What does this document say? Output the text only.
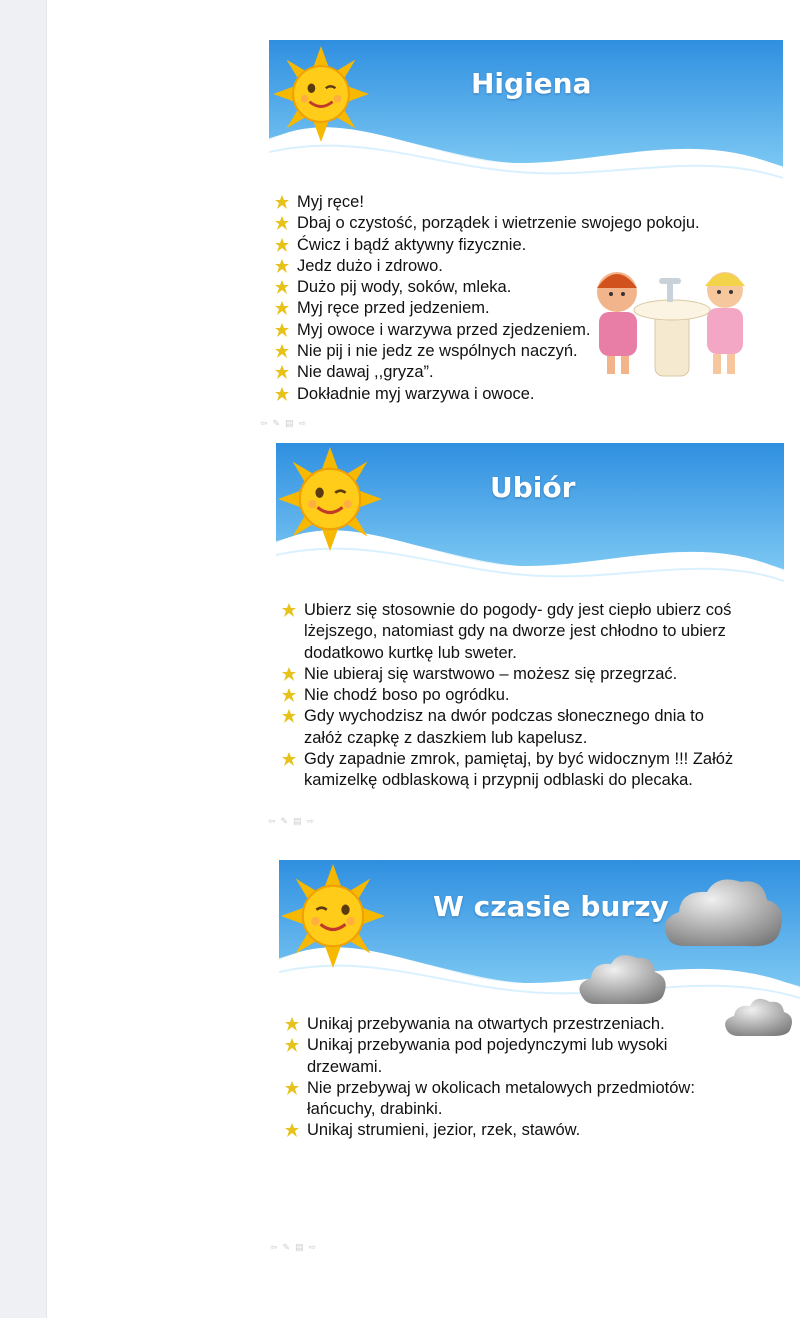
Higiena
Myj ręce!
Dbaj o czystość, porządek i wietrzenie swojego pokoju.
Ćwicz i bądź aktywny fizycznie.
Jedz dużo i zdrowo.
Dużo pij wody, soków, mleka.
Myj ręce przed jedzeniem.
Myj owoce i warzywa przed zjedzeniem.
Nie pij i nie jedz ze wspólnych naczyń.
Nie dawaj ,,gryza”.
Dokładnie myj warzywa i owoce.
⇦ ✎ ▤ ⇨
Ubiór
Ubierz się stosownie do pogody- gdy jest ciepło ubierz coś lżejszego, natomiast gdy na dworze jest chłodno to ubierz dodatkowo kurtkę lub sweter.
Nie ubieraj się warstwowo – możesz się przegrzać.
Nie chodź boso po ogródku.
Gdy wychodzisz na dwór podczas słonecznego dnia to załóż czapkę z daszkiem lub kapelusz.
Gdy zapadnie zmrok, pamiętaj, by być widocznym !!! Załóż kamizelkę odblaskową i przypnij odblaski do plecaka.
⇦ ✎ ▤ ⇨
W czasie burzy
Unikaj przebywania na otwartych przestrzeniach.
Unikaj przebywania pod pojedynczymi lub wysoki drzewami.
Nie przebywaj w okolicach metalowych przedmiotów: łańcuchy, drabinki.
Unikaj strumieni, jezior, rzek, stawów.
⇦ ✎ ▤ ⇨
